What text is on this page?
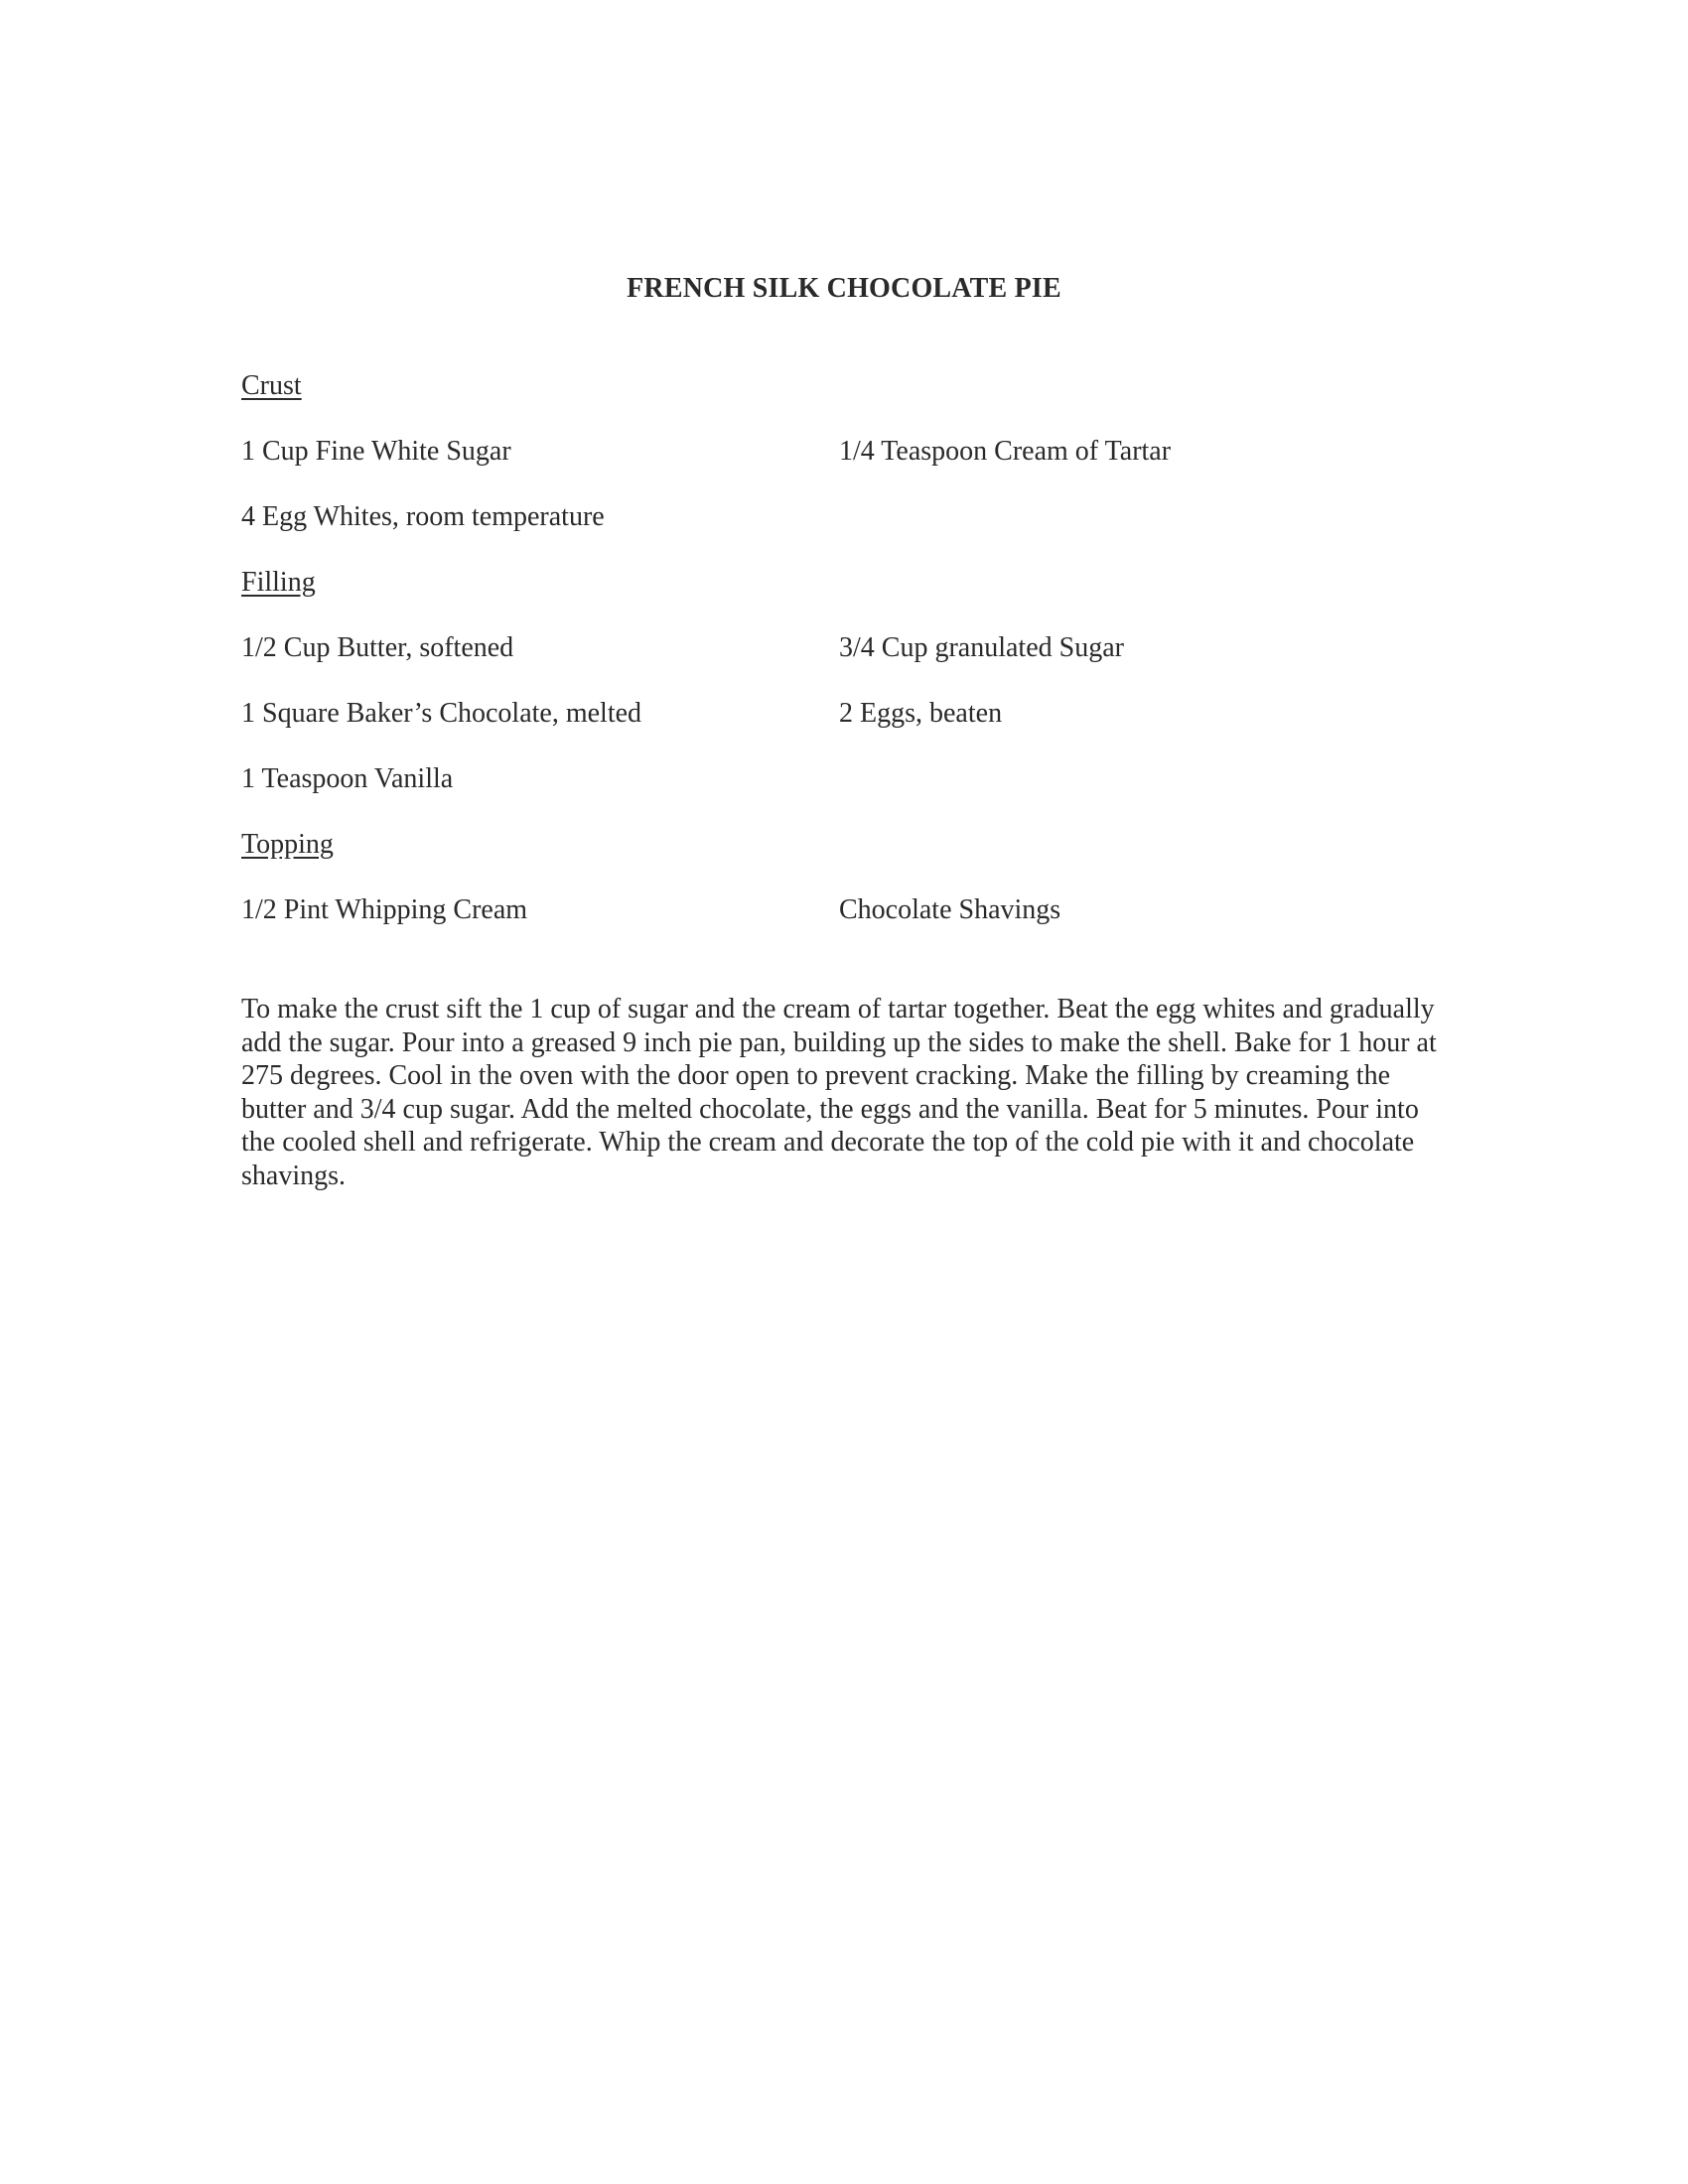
FRENCH SILK CHOCOLATE PIE
Crust
1 Cup Fine White Sugar	1/4 Teaspoon Cream of Tartar
4 Egg Whites, room temperature
Filling
1/2 Cup Butter, softened	3/4 Cup granulated Sugar
1 Square Baker’s Chocolate, melted	2 Eggs, beaten
1 Teaspoon Vanilla
Topping
1/2 Pint Whipping Cream	Chocolate Shavings
To make the crust sift the 1 cup of sugar and the cream of tartar together. Beat the egg whites and gradually add the sugar. Pour into a greased 9 inch pie pan, building up the sides to make the shell. Bake for 1 hour at 275 degrees. Cool in the oven with the door open to prevent cracking. Make the filling by creaming the butter and 3/4 cup sugar. Add the melted chocolate, the eggs and the vanilla. Beat for 5 minutes. Pour into the cooled shell and refrigerate. Whip the cream and decorate the top of the cold pie with it and chocolate shavings.
